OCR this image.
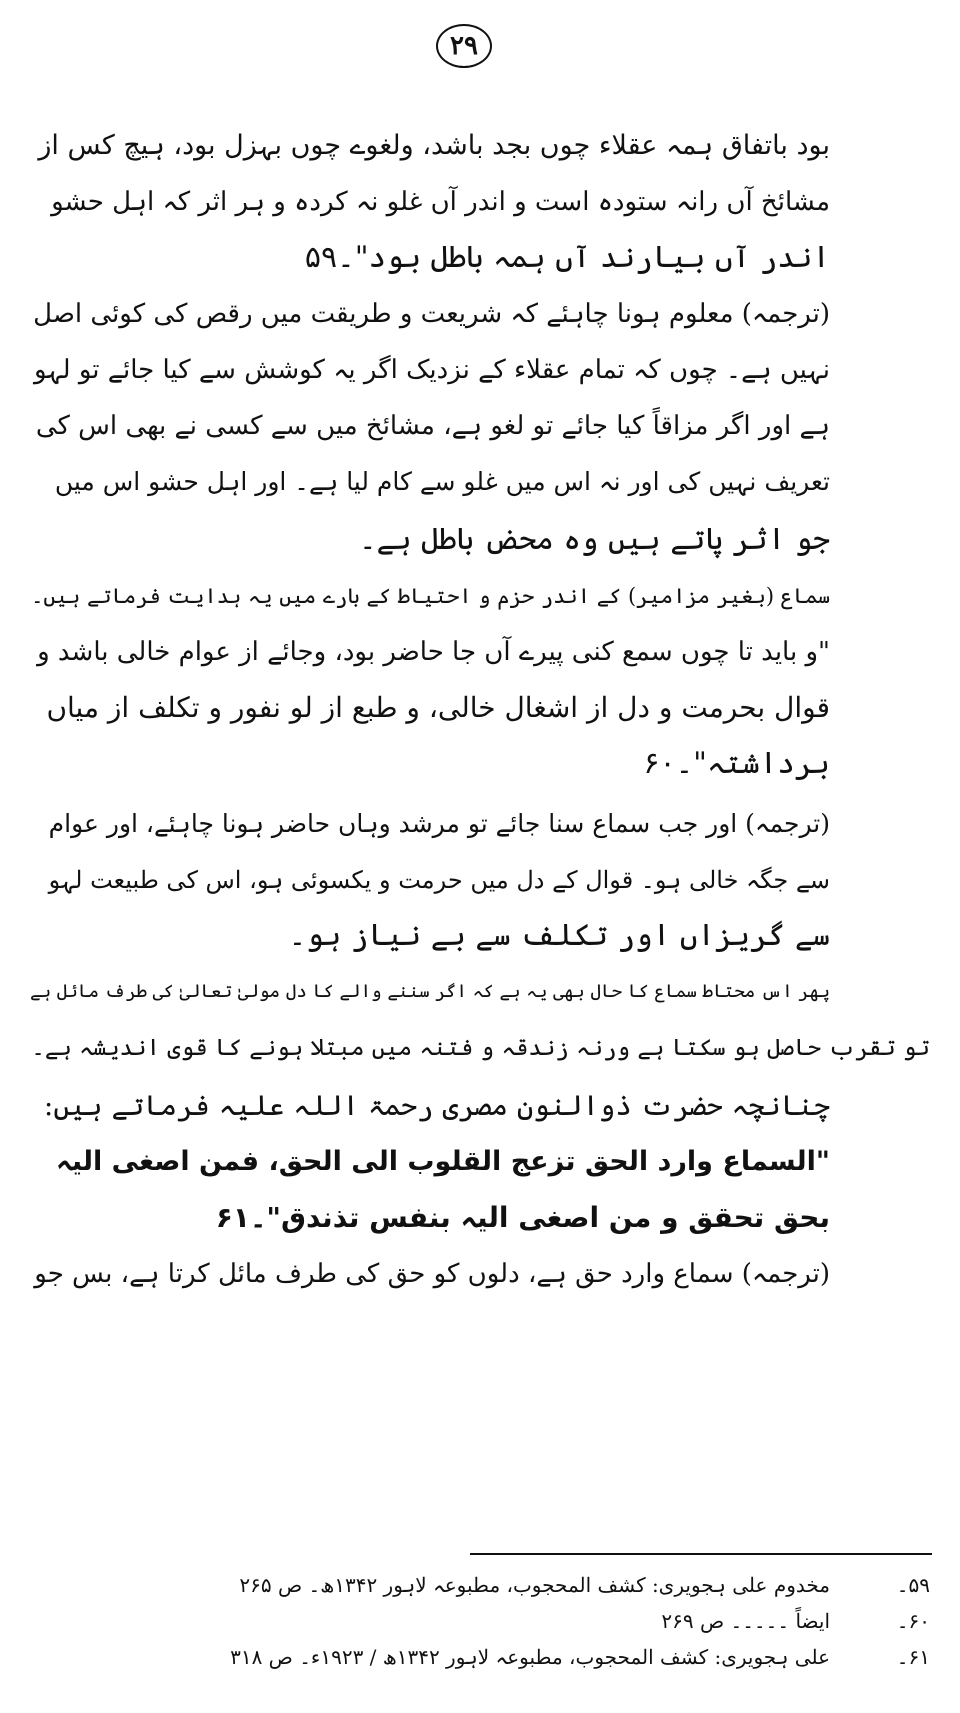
۲۹
بود باتفاق ہمہ عقلاء چوں بجد باشد، ولغوے چوں بہزل بود، ہیچ کس از
مشائخ آں رانہ ستودہ است و اندر آں غلو نہ کردہ و ہر اثر کہ اہل حشو
اندر آں بیارند آں ہمہ باطل بود"۔۵۹
(ترجمہ) معلوم ہونا چاہئے کہ شریعت و طریقت میں رقص کی کوئی اصل
نہیں ہے۔ چوں کہ تمام عقلاء کے نزدیک اگر یہ کوشش سے کیا جائے تو لہو
ہے اور اگر مزاقاً کیا جائے تو لغو ہے، مشائخ میں سے کسی نے بھی اس کی
تعریف نہیں کی اور نہ اس میں غلو سے کام لیا ہے۔ اور اہل حشو اس میں
جو اثر پاتے ہیں وہ محض باطل ہے۔
سماع (بغیر مزامیر) کے اندر حزم و احتیاط کے بارے میں یہ ہدایت فرماتے ہیں۔
"و باید تا چوں سمع کنی پیرے آں جا حاضر بود، وجائے از عوام خالی باشد و
قوال بحرمت و دل از اشغال خالی، و طبع از لو نفور و تکلف از میاں
برداشتہ"۔۶۰
(ترجمہ) اور جب سماع سنا جائے تو مرشد وہاں حاضر ہونا چاہئے، اور عوام
سے جگہ خالی ہو۔ قوال کے دل میں حرمت و یکسوئی ہو، اس کی طبیعت لہو
سے گریزاں اور تکلف سے بے نیاز ہو۔
پھر اس محتاط سماع کا حال بھی یہ ہے کہ اگر سننے والے کا دل مولیٰ تعالیٰ کی طرف مائل ہے
تو تقرب حاصل ہو سکتا ہے ورنہ زندقہ و فتنہ میں مبتلا ہونے کا قوی اندیشہ ہے۔
چنانچہ حضرت ذوالنون مصری رحمۃ اللہ علیہ فرماتے ہیں:
"السماع وارد الحق تزعج القلوب الی الحق، فمن اصغی الیہ
بحق تحقق و من اصغی الیہ بنفس تذندق"۔۶۱
(ترجمہ) سماع وارد حق ہے، دلوں کو حق کی طرف مائل کرتا ہے، بس جو
۵۹۔
مخدوم علی ہجویری: کشف المحجوب، مطبوعہ لاہور ۱۳۴۲ھ۔ ص ۲۶۵
۶۰۔
ایضاً ۔۔۔۔۔ ص ۲۶۹
۶۱۔
علی ہجویری: کشف المحجوب، مطبوعہ لاہور ۱۳۴۲ھ / ۱۹۲۳ء۔ ص ۳۱۸
